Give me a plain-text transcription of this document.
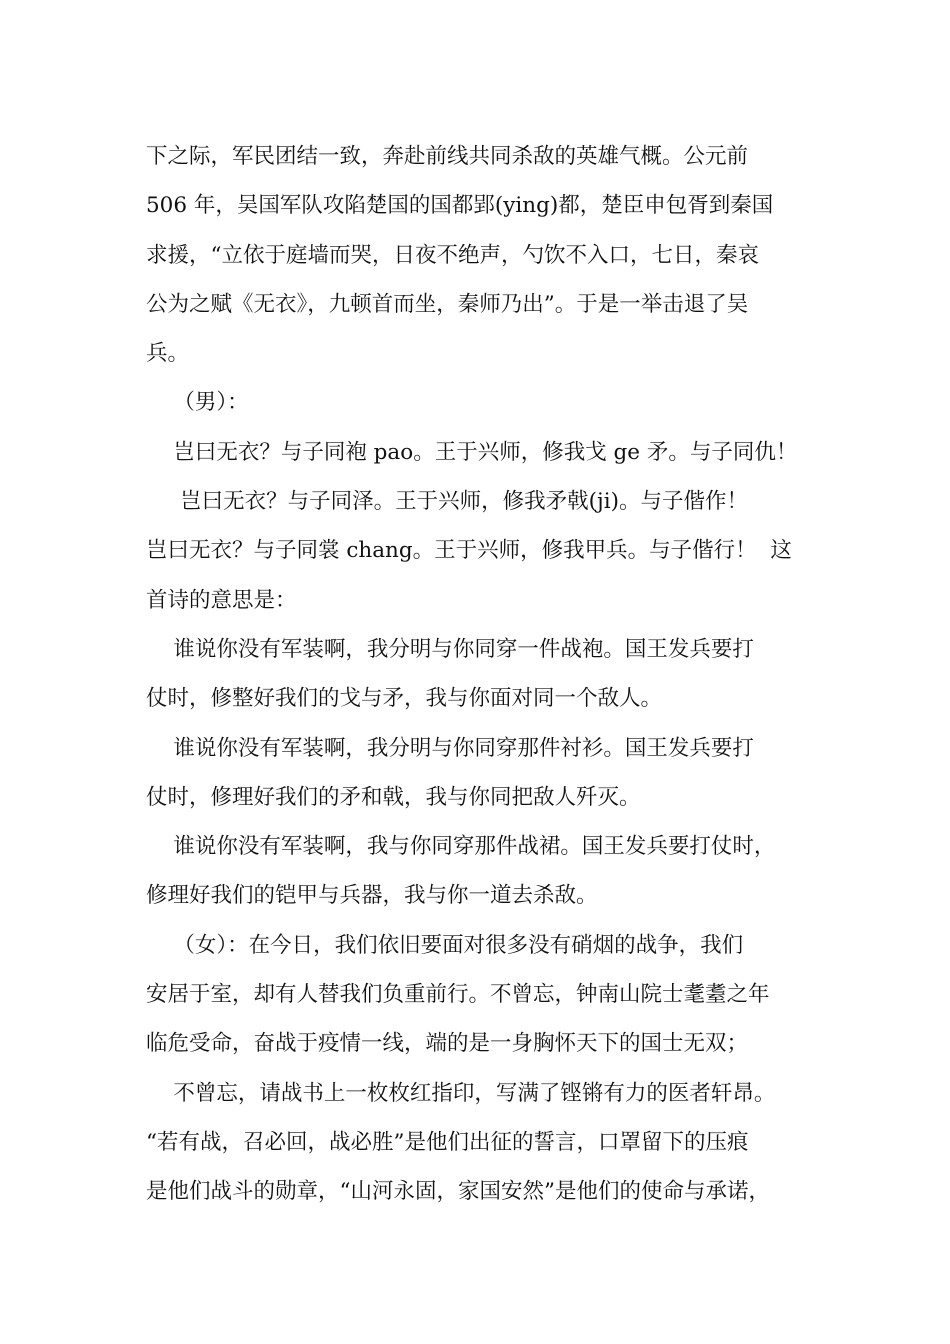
下之际，军民团结一致，奔赴前线共同杀敌的英雄气概。公元前
506 年，吴国军队攻陷楚国的国都郢(ying)都，楚臣申包胥到秦国
求援，“立依于庭墙而哭，日夜不绝声，勺饮不入口，七日，秦哀
公为之赋《无衣》，九顿首而坐，秦师乃出”。于是一举击退了吴
兵。
（男）：
岂曰无衣？与子同袍 pao。王于兴师，修我戈 ge 矛。与子同仇！
岂曰无衣？与子同泽。王于兴师，修我矛戟(ji)。与子偕作！
岂曰无衣？与子同裳 chang。王于兴师，修我甲兵。与子偕行！  这
首诗的意思是：
谁说你没有军装啊，我分明与你同穿一件战袍。国王发兵要打
仗时，修整好我们的戈与矛，我与你面对同一个敌人。
谁说你没有军装啊，我分明与你同穿那件衬衫。国王发兵要打
仗时，修理好我们的矛和戟，我与你同把敌人歼灭。
谁说你没有军装啊，我与你同穿那件战裙。国王发兵要打仗时，
修理好我们的铠甲与兵器，我与你一道去杀敌。
（女）：在今日，我们依旧要面对很多没有硝烟的战争，我们
安居于室，却有人替我们负重前行。不曾忘，钟南山院士耄耋之年
临危受命，奋战于疫情一线，端的是一身胸怀天下的国士无双；
不曾忘，请战书上一枚枚红指印，写满了铿锵有力的医者轩昂。
“若有战，召必回，战必胜”是他们出征的誓言，口罩留下的压痕
是他们战斗的勋章，“山河永固，家国安然”是他们的使命与承诺，
